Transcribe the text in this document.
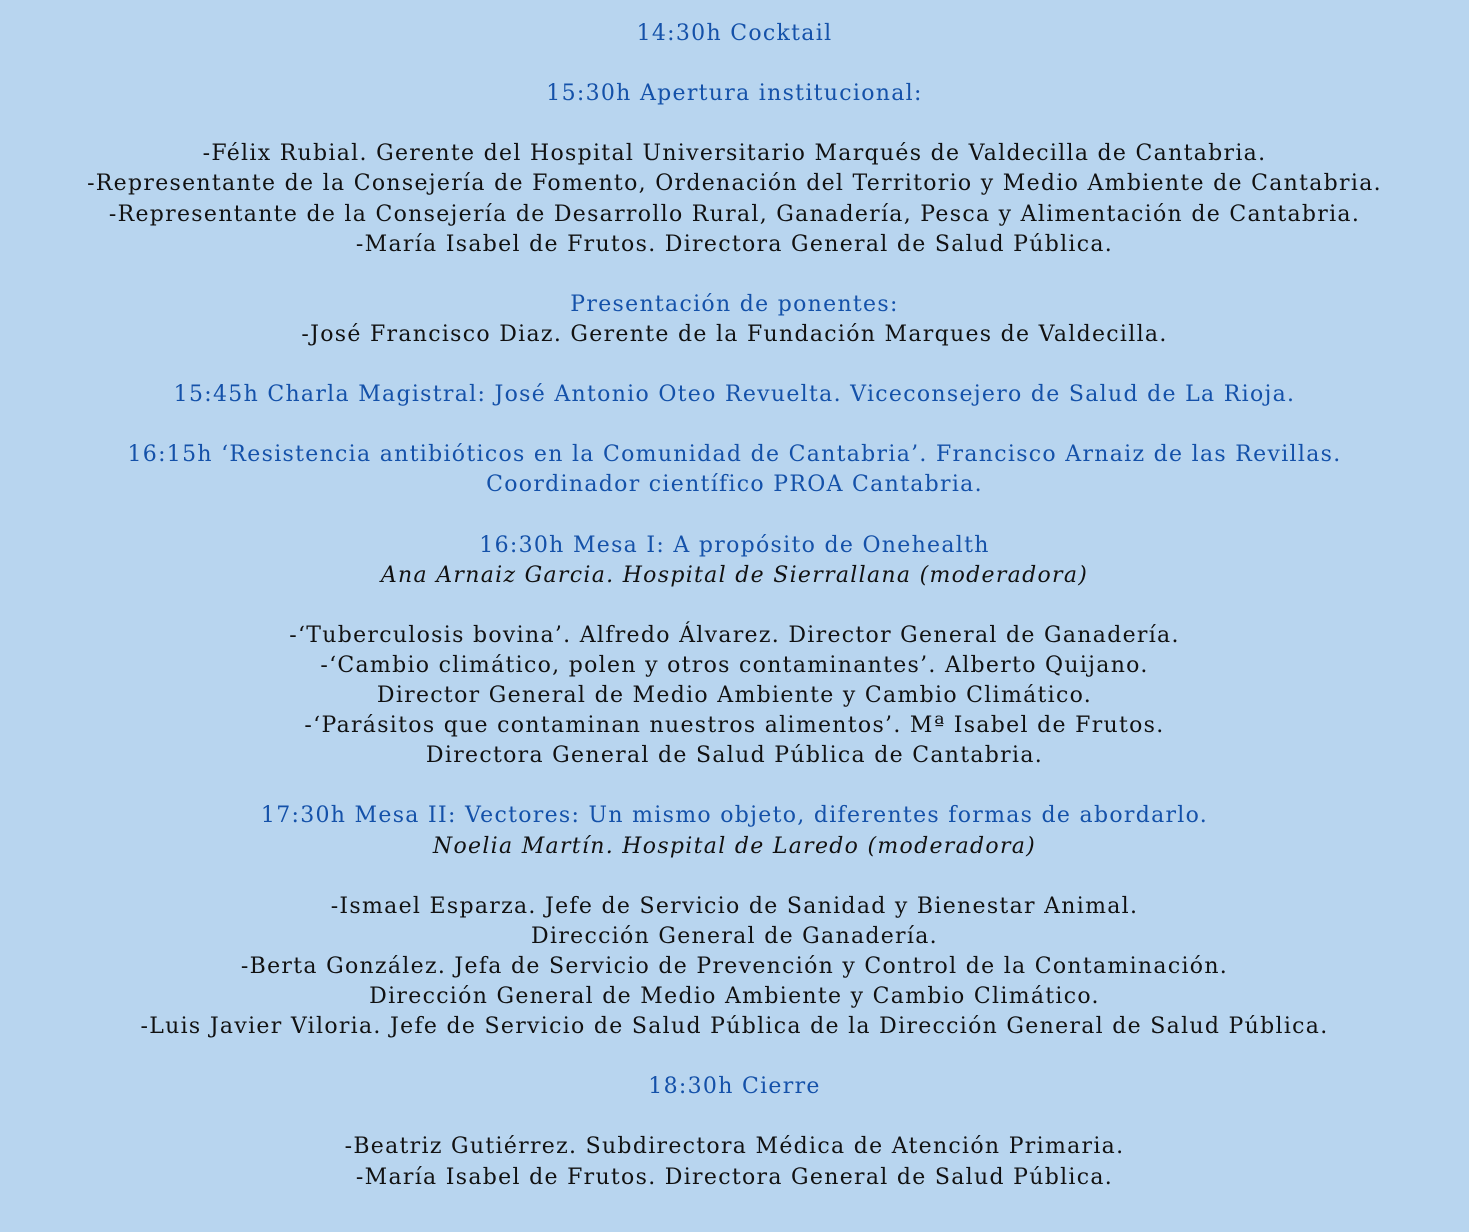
14:30h Cocktail
15:30h Apertura institucional:
-Félix Rubial. Gerente del Hospital Universitario Marqués de Valdecilla de Cantabria.
-Representante de la Consejería de Fomento, Ordenación del Territorio y Medio Ambiente de Cantabria.
-Representante de la Consejería de Desarrollo Rural, Ganadería, Pesca y Alimentación de Cantabria.
-María Isabel de Frutos. Directora General de Salud Pública.
Presentación de ponentes:
-José Francisco Diaz. Gerente de la Fundación Marques de Valdecilla.
15:45h Charla Magistral: José Antonio Oteo Revuelta. Viceconsejero de Salud de La Rioja.
16:15h ‘Resistencia antibióticos en la Comunidad de Cantabria’. Francisco Arnaiz de las Revillas.
Coordinador científico PROA Cantabria.
16:30h Mesa I: A propósito de Onehealth
Ana Arnaiz Garcia. Hospital de Sierrallana (moderadora)
-‘Tuberculosis bovina’. Alfredo Álvarez. Director General de Ganadería.
-‘Cambio climático, polen y otros contaminantes’. Alberto Quijano.
Director General de Medio Ambiente y Cambio Climático.
-‘Parásitos que contaminan nuestros alimentos’. Mª Isabel de Frutos.
Directora General de Salud Pública de Cantabria.
17:30h Mesa II: Vectores: Un mismo objeto, diferentes formas de abordarlo.
Noelia Martín. Hospital de Laredo (moderadora)
-Ismael Esparza. Jefe de Servicio de Sanidad y Bienestar Animal.
Dirección General de Ganadería.
-Berta González. Jefa de Servicio de Prevención y Control de la Contaminación.
Dirección General de Medio Ambiente y Cambio Climático.
-Luis Javier Viloria. Jefe de Servicio de Salud Pública de la Dirección General de Salud Pública.
18:30h Cierre
-Beatriz Gutiérrez. Subdirectora Médica de Atención Primaria.
-María Isabel de Frutos. Directora General de Salud Pública.
